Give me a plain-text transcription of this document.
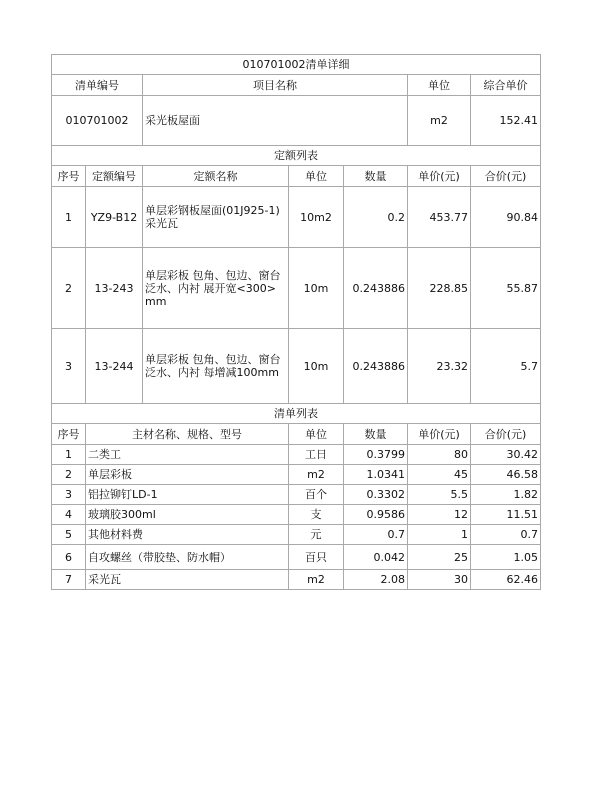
010701002清单详细						
清单编号		项目名称			单位	综合单价
010701002		采光板屋面			m2	152.41
定额列表						
序号	定额编号	定额名称	单位	数量	单价(元)	合价(元)
1	YZ9-B12	单层彩钢板屋面(01J925-1) 采光瓦	10m2	0.2	453.77	90.84
2	13-243	单层彩板 包角、包边、窗台泛水、内衬 展开宽<300>mm	10m	0.243886	228.85	55.87
3	13-244	单层彩板 包角、包边、窗台泛水、内衬 每增减100mm	10m	0.243886	23.32	5.7
清单列表						
序号	主材名称、规格、型号		单位	数量	单价(元)	合价(元)
1	二类工		工日	0.3799	80	30.42
2	单层彩板		m2	1.0341	45	46.58
3	铝拉铆钉LD-1		百个	0.3302	5.5	1.82
4	玻璃胶300ml		支	0.9586	12	11.51
5	其他材料费		元	0.7	1	0.7
6	自攻螺丝（带胶垫、防水帽）		百只	0.042	25	1.05
7	采光瓦		m2	2.08	30	62.46
